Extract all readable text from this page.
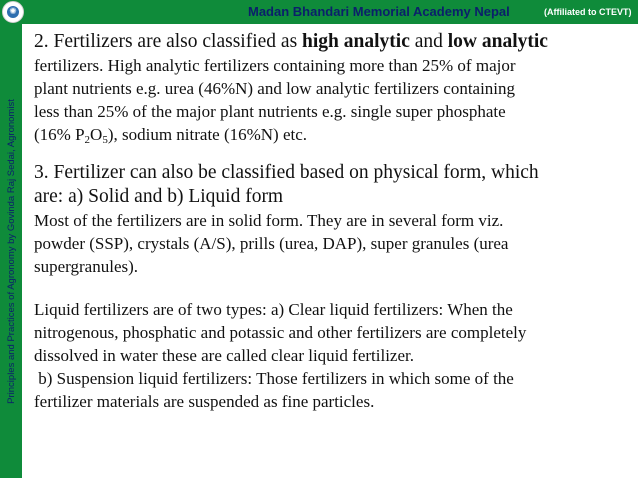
✺	Madan Bhandari Memorial Academy Nepal	(Affiliated to CTEVT)
Principles and Practices of Agronomy by Govinda Raj Sedai, Agronomist

2. Fertilizers are also classified as high analytic and low analytic

fertilizers. High analytic fertilizers containing more than 25% of major

plant nutrients e.g. urea (46%N) and low analytic fertilizers containing

less than 25% of the major plant nutrients e.g. single super phosphate

(16% $P_2O_5$), sodium nitrate (16%N) etc.

3. Fertilizer can also be classified based on physical form, which

are: a) Solid and b) Liquid form

Most of the fertilizers are in solid form. They are in several form viz.

powder (SSP), crystals (A/S), prills (urea, DAP), super granules (urea

supergranules).

Liquid fertilizers are of two types: a) Clear liquid fertilizers: When the

nitrogenous, phosphatic and potassic and other fertilizers are completely

dissolved in water these are called clear liquid fertilizer.

b) Suspension liquid fertilizers: Those fertilizers in which some of the

fertilizer materials are suspended as fine particles.
